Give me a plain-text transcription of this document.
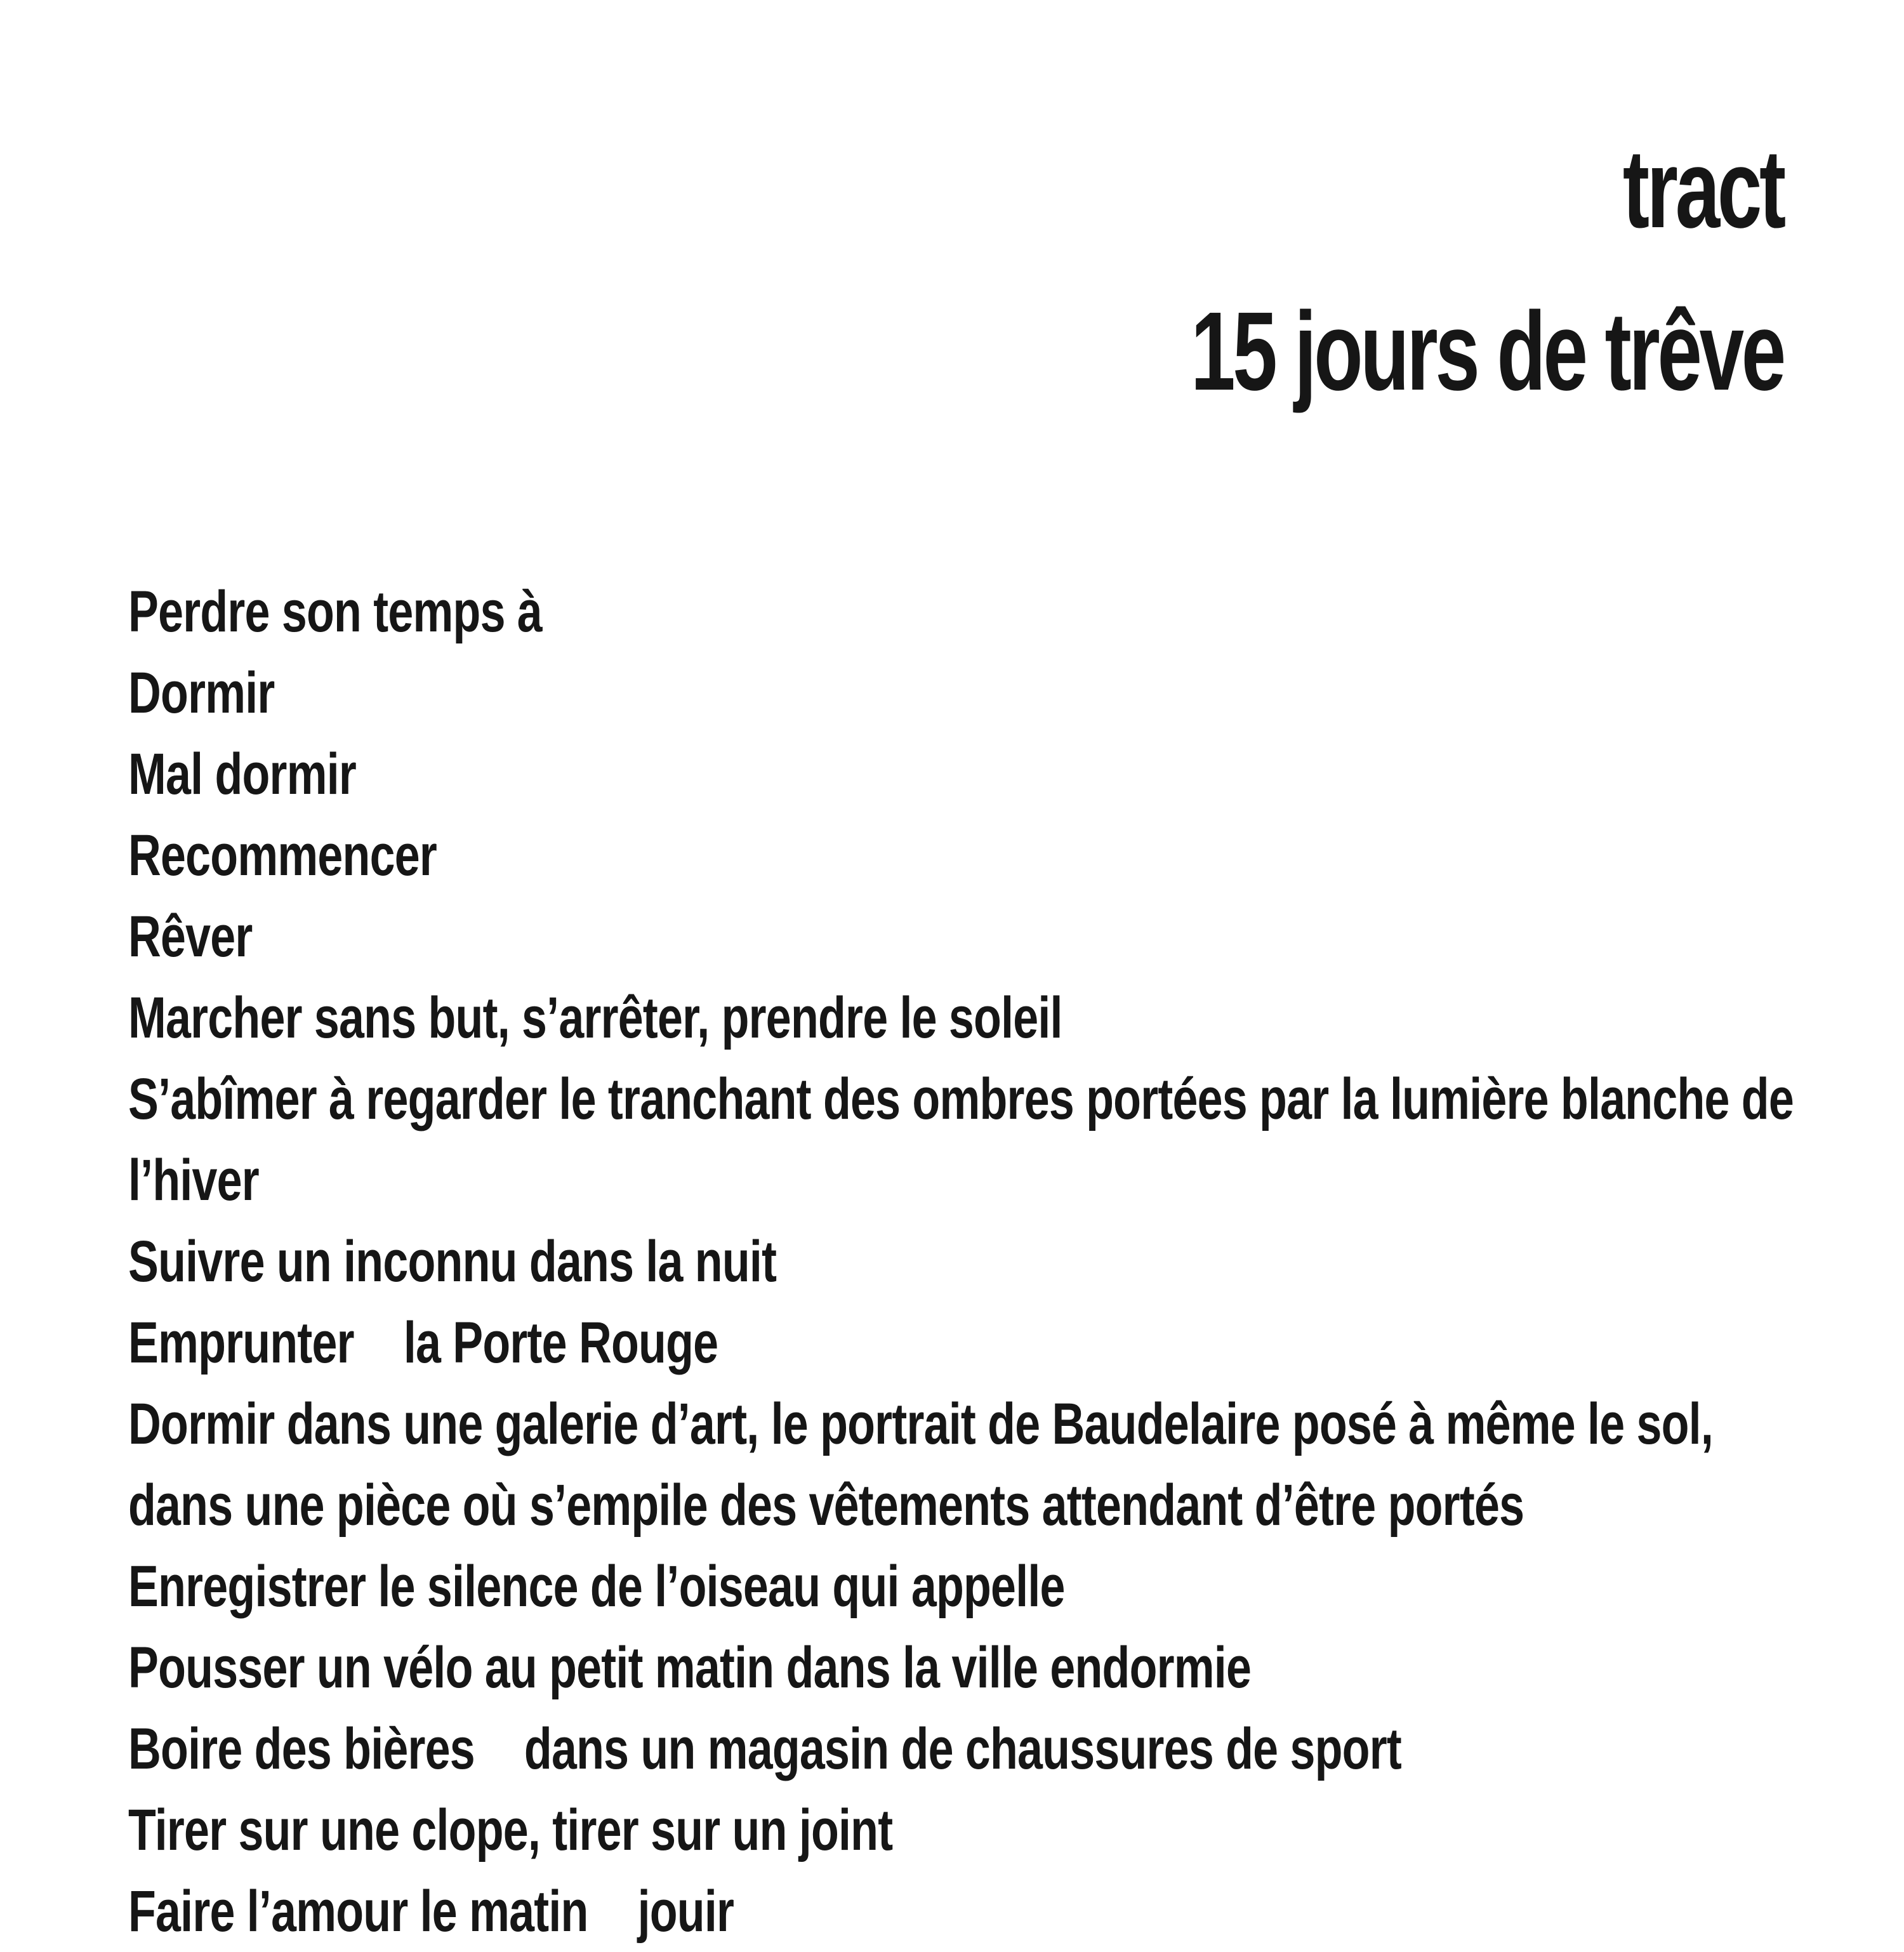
tract
15 jours de trêve
Perdre son temps à
Dormir
Mal dormir
Recommencer
Rêver
Marcher sans but, s’arrêter, prendre le soleil
S’abîmer à regarder le tranchant des ombres portées par la lumière blanche de
l’hiver
Suivre un inconnu dans la nuit
Emprunter la Porte Rouge
Dormir dans une galerie d’art, le portrait de Baudelaire posé à même le sol,
dans une pièce où s’empile des vêtements attendant d’être portés
Enregistrer le silence de l’oiseau qui appelle
Pousser un vélo au petit matin dans la ville endormie
Boire des bières dans un magasin de chaussures de sport
Tirer sur une clope, tirer sur un joint
Faire l’amour le matin jouir
